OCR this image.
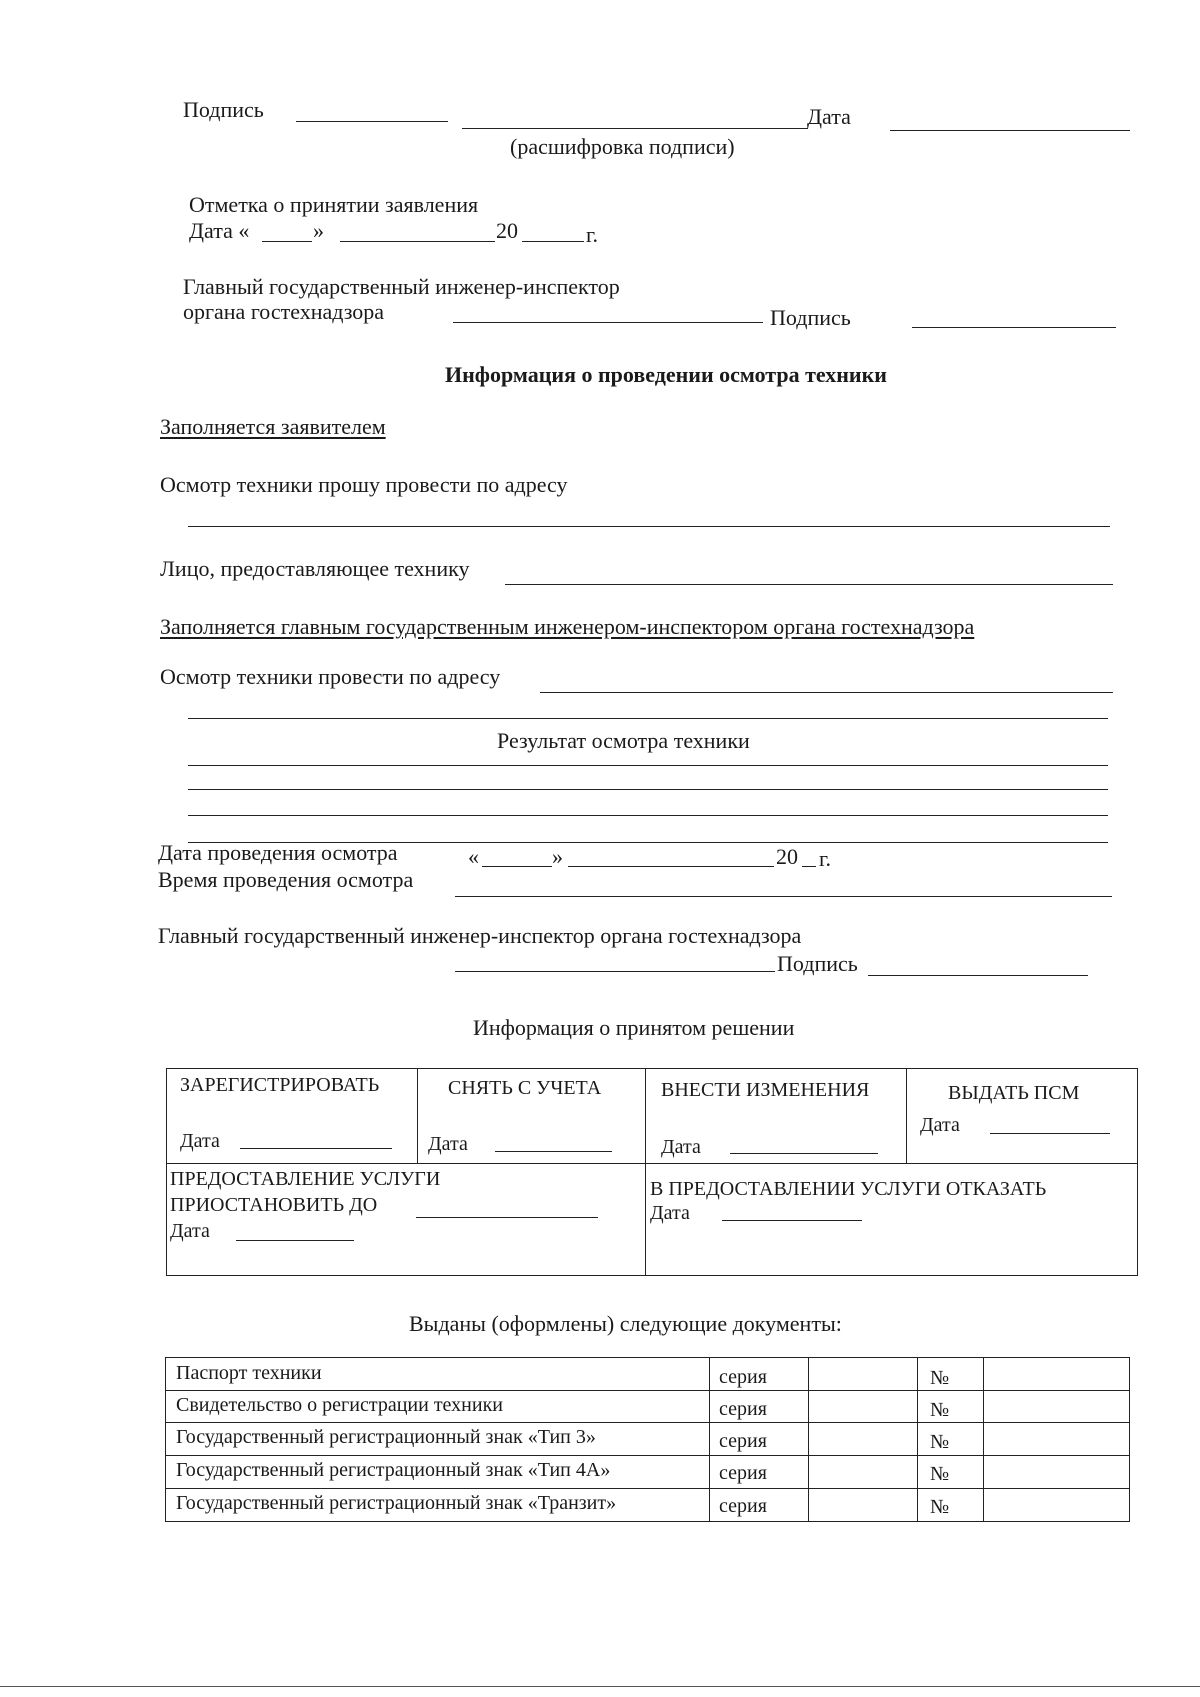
Подпись	Дата
(расшифровка подписи)
Отметка о принятии заявления
Дата «	»	20	г.
Главный государственный инженер-инспектор
органа гостехнадзора	Подпись
Информация о проведении осмотра техники
Заполняется заявителем
Осмотр техники прошу провести по адресу
Лицо, предоставляющее технику
Заполняется главным государственным инженером-инспектором органа гостехнадзора
Осмотр техники провести по адресу
Результат осмотра техники
Дата проведения осмотра	«	»	20 г.
Время проведения осмотра
Главный государственный инженер-инспектор органа гостехнадзора
Подпись
Информация о принятом решении
ЗАРЕГИСТРИРОВАТЬ
Дата
СНЯТЬ С УЧЕТА
Дата
ВНЕСТИ ИЗМЕНЕНИЯ
Дата
ВЫДАТЬ ПСМ
Дата
ПРЕДОСТАВЛЕНИЕ УСЛУГИ
ПРИОСТАНОВИТЬ ДО
Дата
В ПРЕДОСТАВЛЕНИИ УСЛУГИ ОТКАЗАТЬ
Дата
Выданы (оформлены) следующие документы:
Паспорт техники	серия	№
Свидетельство о регистрации техники	серия	№
Государственный регистрационный знак «Тип 3»	серия	№
Государственный регистрационный знак «Тип 4А»	серия	№
Государственный регистрационный знак «Транзит»	серия	№
